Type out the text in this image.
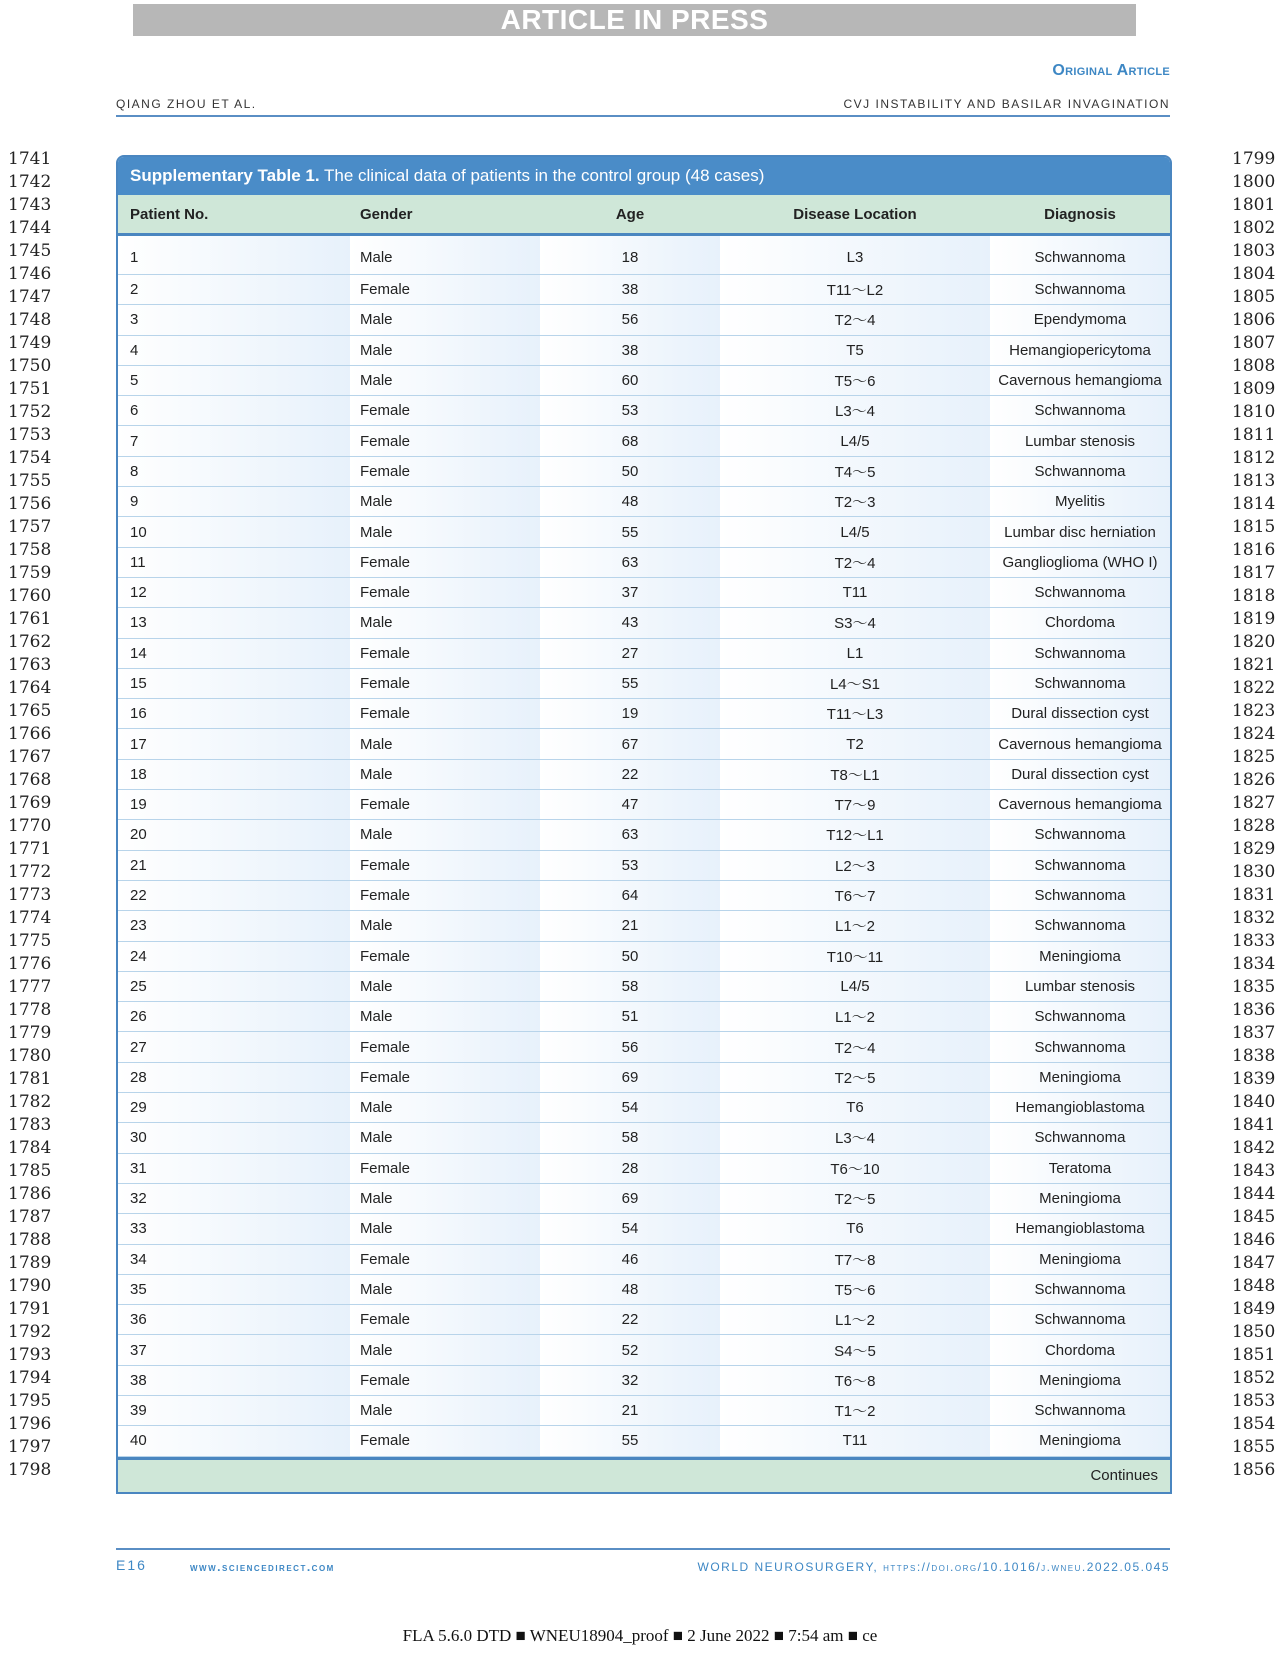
ARTICLE IN PRESS
Original Article
QIANG ZHOU ET AL.	CVJ INSTABILITY AND BASILAR INVAGINATION
1741
1742
1743
1744
1745
1746
1747
1748
1749
1750
1751
1752
1753
1754
1755
1756
1757
1758
1759
1760
1761
1762
1763
1764
1765
1766
1767
1768
1769
1770
1771
1772
1773
1774
1775
1776
1777
1778
1779
1780
1781
1782
1783
1784
1785
1786
1787
1788
1789
1790
1791
1792
1793
1794
1795
1796
1797
1798
1799
1800
1801
1802
1803
1804
1805
1806
1807
1808
1809
1810
1811
1812
1813
1814
1815
1816
1817
1818
1819
1820
1821
1822
1823
1824
1825
1826
1827
1828
1829
1830
1831
1832
1833
1834
1835
1836
1837
1838
1839
1840
1841
1842
1843
1844
1845
1846
1847
1848
1849
1850
1851
1852
1853
1854
1855
1856
Supplementary Table 1. The clinical data of patients in the control group (48 cases)
Patient No.	Gender	Age	Disease Location	Diagnosis
1	Male	18	L3	Schwannoma
2	Female	38	T11～L2	Schwannoma
3	Male	56	T2～4	Ependymoma
4	Male	38	T5	Hemangiopericytoma
5	Male	60	T5～6	Cavernous hemangioma
6	Female	53	L3～4	Schwannoma
7	Female	68	L4/5	Lumbar stenosis
8	Female	50	T4～5	Schwannoma
9	Male	48	T2～3	Myelitis
10	Male	55	L4/5	Lumbar disc herniation
11	Female	63	T2～4	Ganglioglioma (WHO I)
12	Female	37	T11	Schwannoma
13	Male	43	S3～4	Chordoma
14	Female	27	L1	Schwannoma
15	Female	55	L4～S1	Schwannoma
16	Female	19	T11～L3	Dural dissection cyst
17	Male	67	T2	Cavernous hemangioma
18	Male	22	T8～L1	Dural dissection cyst
19	Female	47	T7～9	Cavernous hemangioma
20	Male	63	T12～L1	Schwannoma
21	Female	53	L2～3	Schwannoma
22	Female	64	T6～7	Schwannoma
23	Male	21	L1～2	Schwannoma
24	Female	50	T10～11	Meningioma
25	Male	58	L4/5	Lumbar stenosis
26	Male	51	L1～2	Schwannoma
27	Female	56	T2～4	Schwannoma
28	Female	69	T2～5	Meningioma
29	Male	54	T6	Hemangioblastoma
30	Male	58	L3～4	Schwannoma
31	Female	28	T6～10	Teratoma
32	Male	69	T2～5	Meningioma
33	Male	54	T6	Hemangioblastoma
34	Female	46	T7～8	Meningioma
35	Male	48	T5～6	Schwannoma
36	Female	22	L1～2	Schwannoma
37	Male	52	S4～5	Chordoma
38	Female	32	T6～8	Meningioma
39	Male	21	T1～2	Schwannoma
40	Female	55	T11	Meningioma
Continues
E16	www.sciencedirect.com	WORLD NEUROSURGERY, https://doi.org/10.1016/j.wneu.2022.05.045
FLA 5.6.0 DTD ■ WNEU18904_proof ■ 2 June 2022 ■ 7:54 am ■ ce
